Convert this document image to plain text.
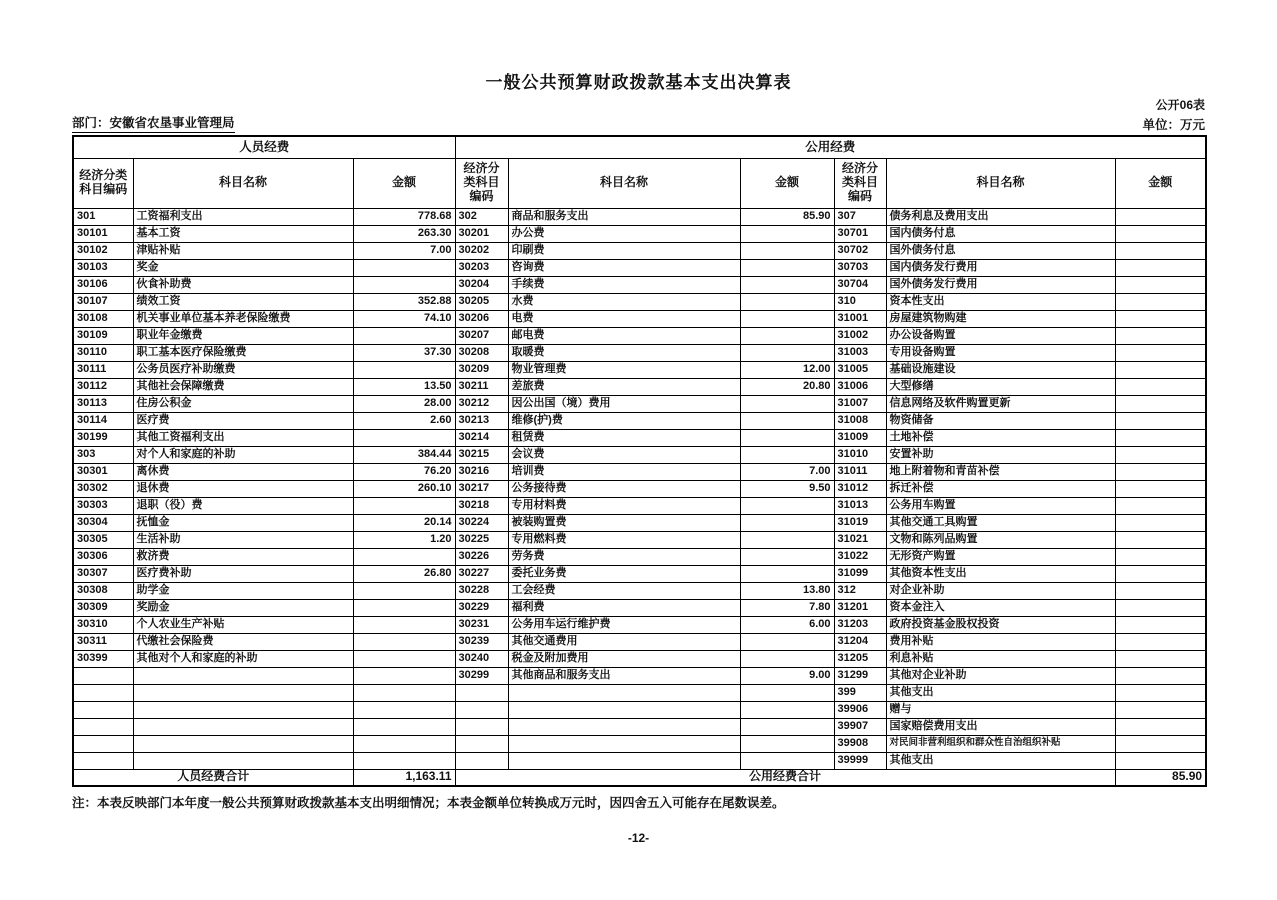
一般公共预算财政拨款基本支出决算表
公开06表
部门：安徽省农垦事业管理局	单位：万元
人员经费			公用经费					
经济分类科目编码	科目名称	金额	经济分类科目编码	科目名称	金额	经济分类科目编码	科目名称	金额
301	工资福利支出	778.68	302	商品和服务支出	85.90	307	债务利息及费用支出	
30101	基本工资	263.30	30201	办公费		30701	国内债务付息	
30102	津贴补贴	7.00	30202	印刷费		30702	国外债务付息	
30103	奖金		30203	咨询费		30703	国内债务发行费用	
30106	伙食补助费		30204	手续费		30704	国外债务发行费用	
30107	绩效工资	352.88	30205	水费		310	资本性支出	
30108	机关事业单位基本养老保险缴费	74.10	30206	电费		31001	房屋建筑物购建	
30109	职业年金缴费		30207	邮电费		31002	办公设备购置	
30110	职工基本医疗保险缴费	37.30	30208	取暖费		31003	专用设备购置	
30111	公务员医疗补助缴费		30209	物业管理费	12.00	31005	基础设施建设	
30112	其他社会保障缴费	13.50	30211	差旅费	20.80	31006	大型修缮	
30113	住房公积金	28.00	30212	因公出国（境）费用		31007	信息网络及软件购置更新	
30114	医疗费	2.60	30213	维修(护)费		31008	物资储备	
30199	其他工资福利支出		30214	租赁费		31009	土地补偿	
303	对个人和家庭的补助	384.44	30215	会议费		31010	安置补助	
30301	离休费	76.20	30216	培训费	7.00	31011	地上附着物和青苗补偿	
30302	退休费	260.10	30217	公务接待费	9.50	31012	拆迁补偿	
30303	退职（役）费		30218	专用材料费		31013	公务用车购置	
30304	抚恤金	20.14	30224	被装购置费		31019	其他交通工具购置	
30305	生活补助	1.20	30225	专用燃料费		31021	文物和陈列品购置	
30306	救济费		30226	劳务费		31022	无形资产购置	
30307	医疗费补助	26.80	30227	委托业务费		31099	其他资本性支出	
30308	助学金		30228	工会经费	13.80	312	对企业补助	
30309	奖励金		30229	福利费	7.80	31201	资本金注入	
30310	个人农业生产补贴		30231	公务用车运行维护费	6.00	31203	政府投资基金股权投资	
30311	代缴社会保险费		30239	其他交通费用		31204	费用补贴	
30399	其他对个人和家庭的补助		30240	税金及附加费用		31205	利息补贴	
			30299	其他商品和服务支出	9.00	31299	其他对企业补助	
						399	其他支出	
						39906	赠与	
						39907	国家赔偿费用支出	
						39908	对民间非营利组织和群众性自治组织补贴	
						39999	其他支出	
人员经费合计		1,163.11	公用经费合计					85.90

注：本表反映部门本年度一般公共预算财政拨款基本支出明细情况；本表金额单位转换成万元时，因四舍五入可能存在尾数误差。

-12-
